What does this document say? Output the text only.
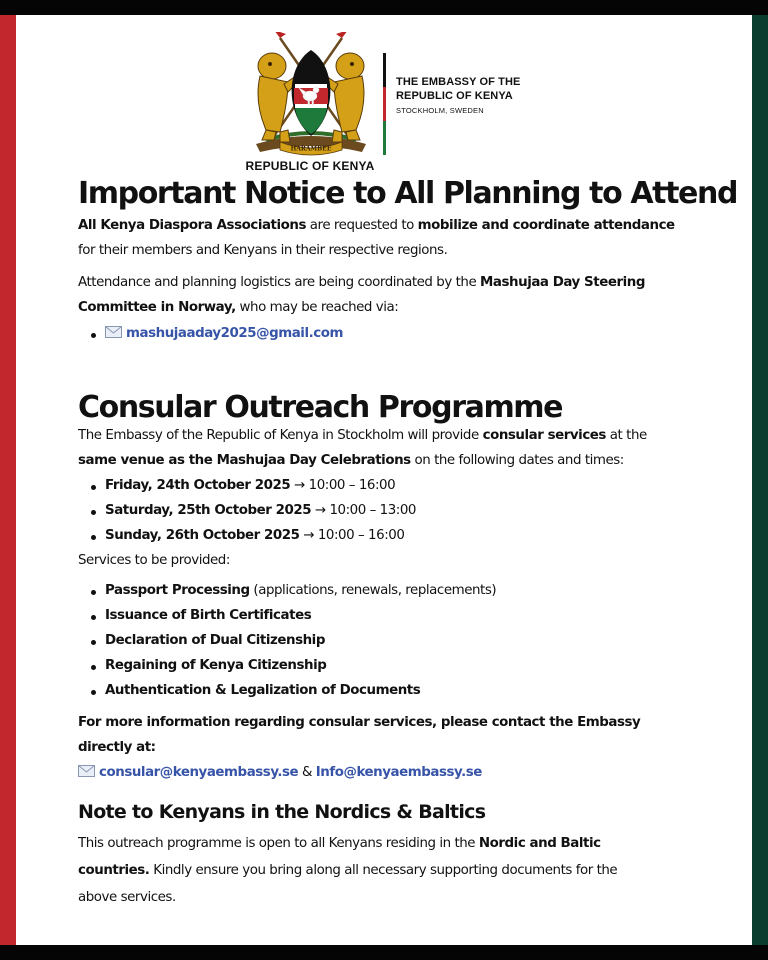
HARAMBEE
REPUBLIC OF KENYA
THE EMBASSY OF THE
REPUBLIC OF KENYA
STOCKHOLM, SWEDEN
Important Notice to All Planning to Attend

All Kenya Diaspora Associations are requested to mobilize and coordinate attendance

for their members and Kenyans in their respective regions.

Attendance and planning logistics are being coordinated by the Mashujaa Day Steering

Committee in Norway, who may be reached via:

mashujaaday2025@gmail.com

Consular Outreach Programme

The Embassy of the Republic of Kenya in Stockholm will provide consular services at the

same venue as the Mashujaa Day Celebrations on the following dates and times:

Friday, 24th October 2025 → 10:00 – 16:00

Saturday, 25th October 2025 → 10:00 – 13:00

Sunday, 26th October 2025 → 10:00 – 16:00

Services to be provided:

Passport Processing (applications, renewals, replacements)

Issuance of Birth Certificates

Declaration of Dual Citizenship

Regaining of Kenya Citizenship

Authentication & Legalization of Documents

For more information regarding consular services, please contact the Embassy

directly at:

consular@kenyaembassy.se & Info@kenyaembassy.se

Note to Kenyans in the Nordics & Baltics

This outreach programme is open to all Kenyans residing in the Nordic and Baltic

countries. Kindly ensure you bring along all necessary supporting documents for the

above services.
